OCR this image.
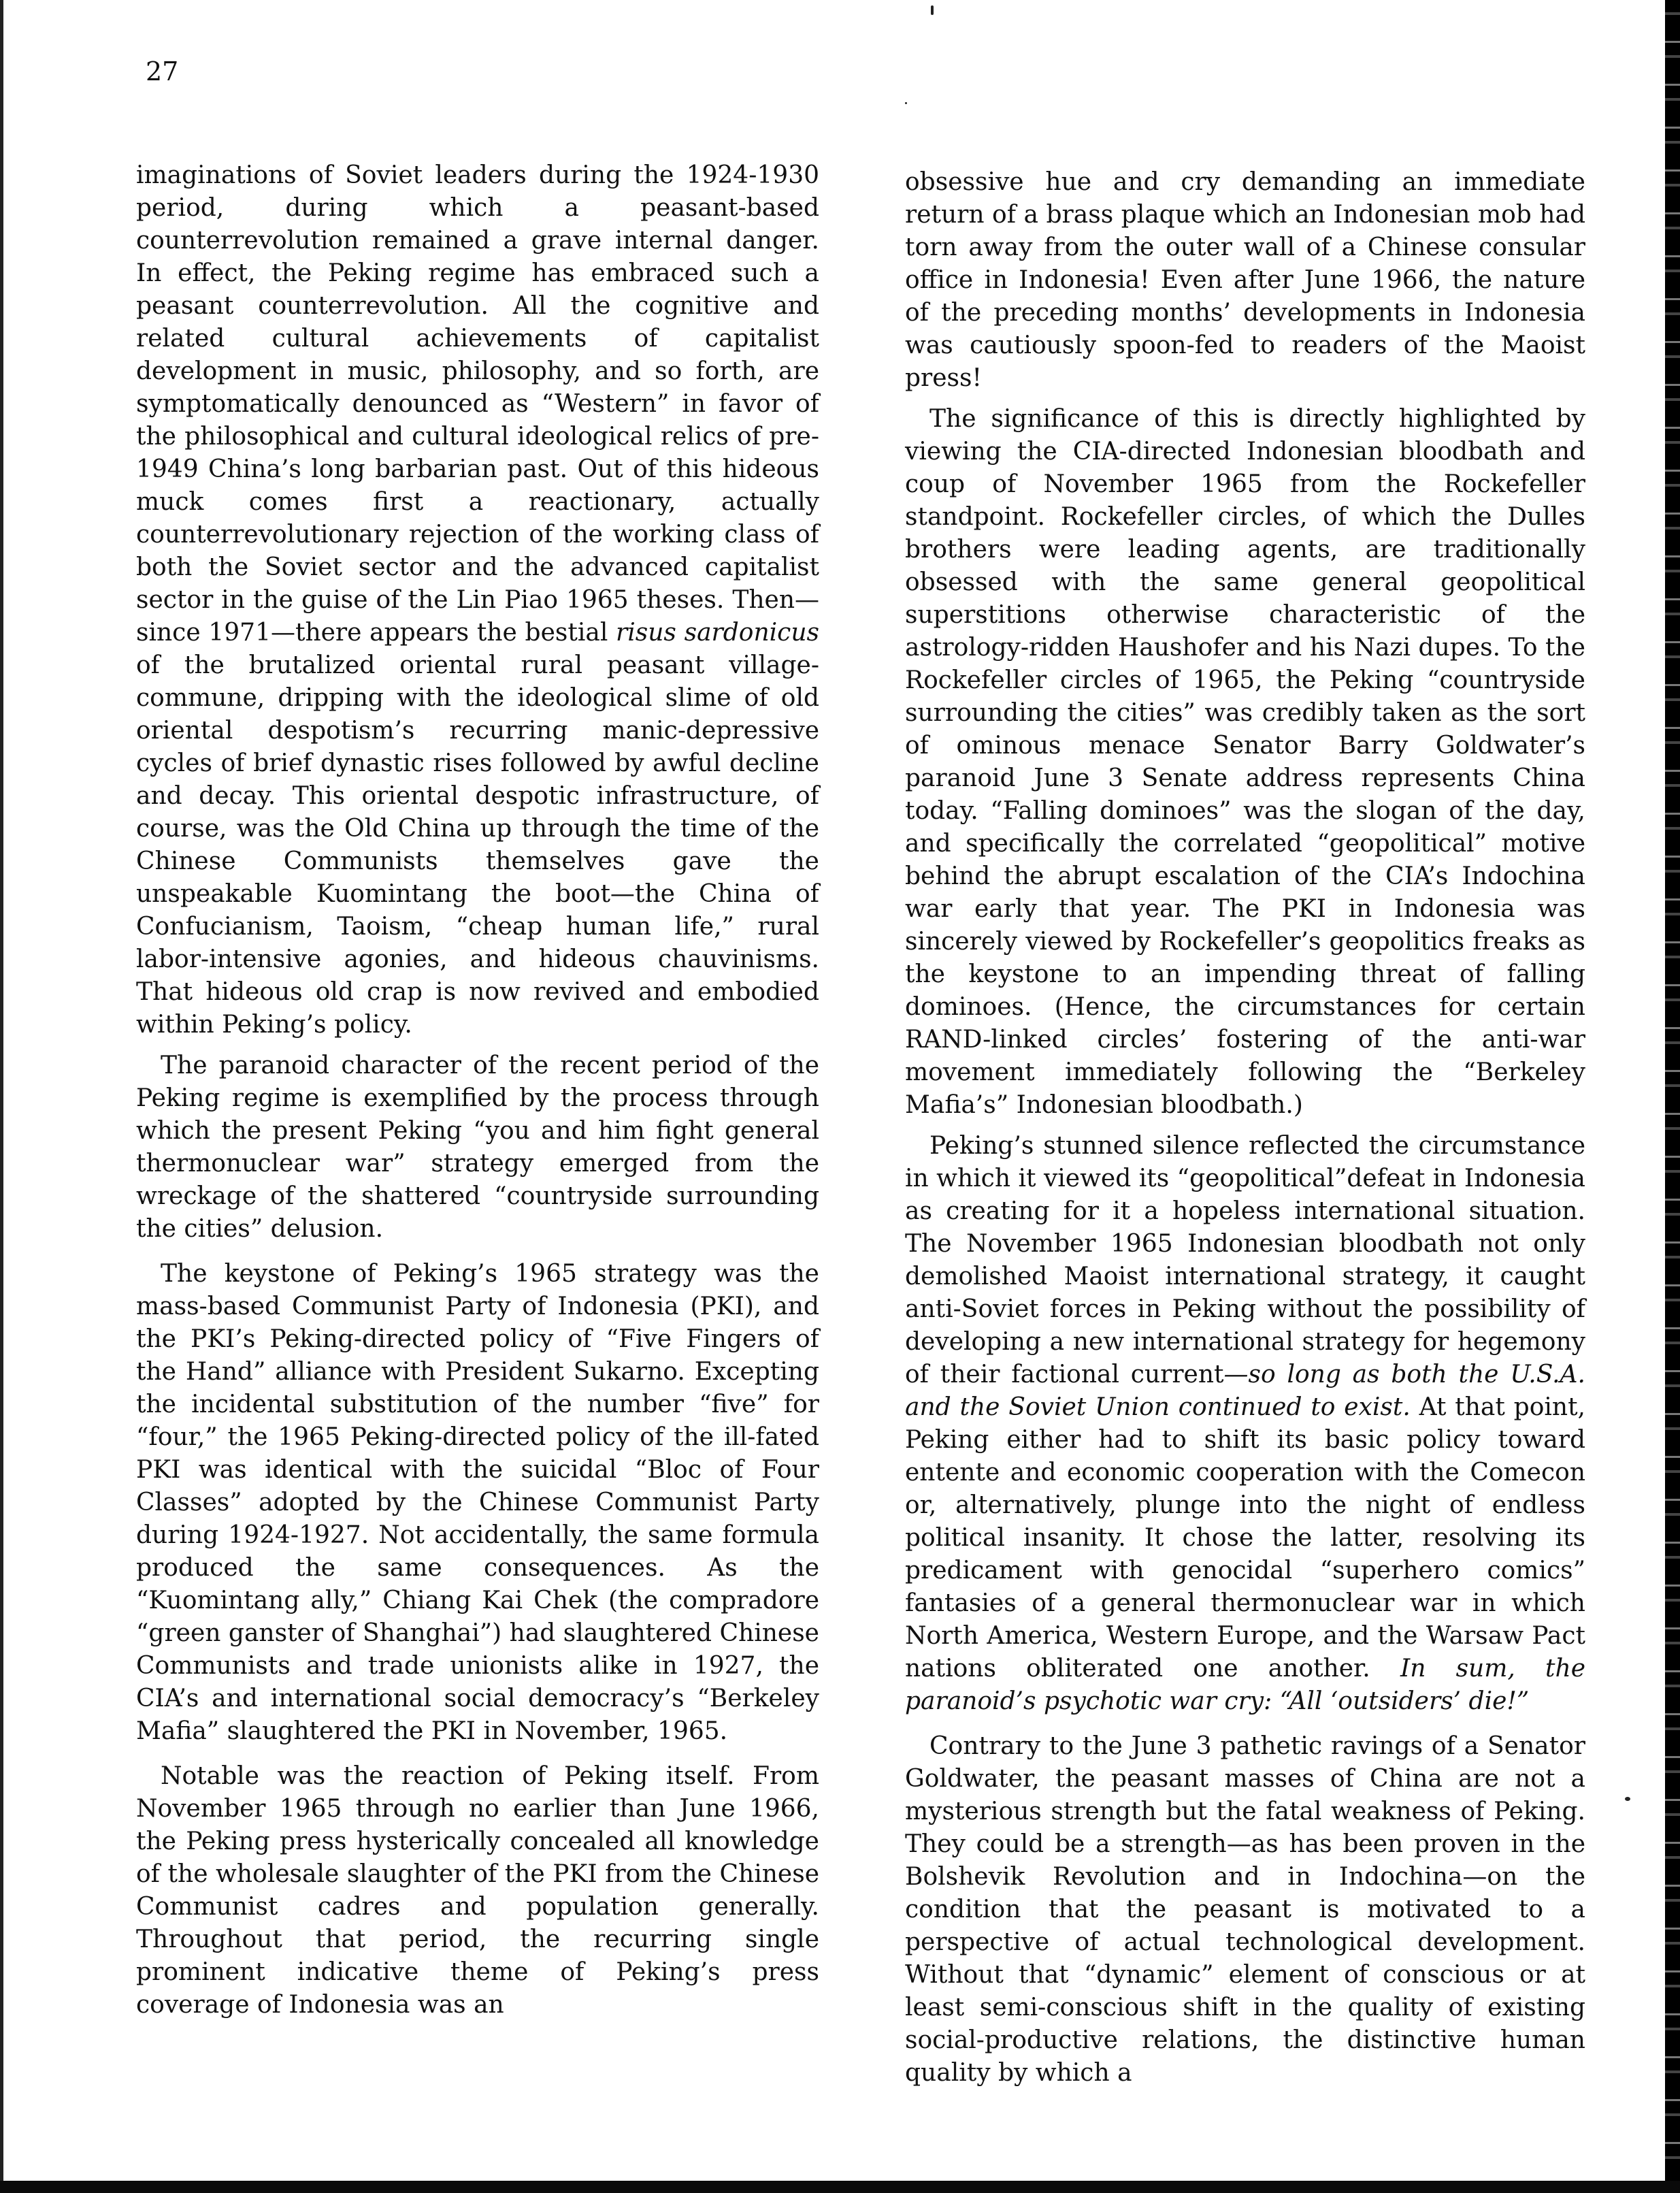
27

imaginations of Soviet leaders during the 1924-1930 period, during which a peasant-based counterrevolution remained a grave internal danger. In effect, the Peking regime has embraced such a peasant counterrevolution. All the cognitive and related cultural achievements of capitalist development in music, philosophy, and so forth, are symptomatically denounced as “Western” in favor of the philosophical and cultural ideological relics of pre-1949 China’s long barbarian past. Out of this hideous muck comes first a reactionary, actually counterrevolutionary rejection of the working class of both the Soviet sector and the advanced capitalist sector in the guise of the Lin Piao 1965 theses. Then—since 1971—there appears the bestial risus sardonicus of the brutalized oriental rural peasant village-commune, dripping with the ideological slime of old oriental despotism’s recurring manic-depressive cycles of brief dynastic rises followed by awful decline and decay. This oriental despotic infrastructure, of course, was the Old China up through the time of the Chinese Communists themselves gave the unspeakable Kuomintang the boot—the China of Confucianism, Taoism, “cheap human life,” rural labor-intensive agonies, and hideous chauvinisms. That hideous old crap is now revived and embodied within Peking’s policy.

The paranoid character of the recent period of the Peking regime is exemplified by the process through which the present Peking “you and him fight general thermonuclear war” strategy emerged from the wreckage of the shattered “countryside surrounding the cities” delusion.

The keystone of Peking’s 1965 strategy was the mass-based Communist Party of Indonesia (PKI), and the PKI’s Peking-directed policy of “Five Fingers of the Hand” alliance with President Sukarno. Excepting the incidental substitution of the number “five” for “four,” the 1965 Peking-directed policy of the ill-fated PKI was identical with the suicidal “Bloc of Four Classes” adopted by the Chinese Communist Party during 1924-1927. Not accidentally, the same formula produced the same consequences. As the “Kuomintang ally,” Chiang Kai Chek (the compradore “green ganster of Shanghai”) had slaughtered Chinese Communists and trade unionists alike in 1927, the CIA’s and international social democracy’s “Berkeley Mafia” slaughtered the PKI in November, 1965.

Notable was the reaction of Peking itself. From November 1965 through no earlier than June 1966, the Peking press hysterically concealed all knowledge of the wholesale slaughter of the PKI from the Chinese Communist cadres and population generally. Throughout that period, the recurring single prominent indicative theme of Peking’s press coverage of Indonesia was an

obsessive hue and cry demanding an immediate return of a brass plaque which an Indonesian mob had torn away from the outer wall of a Chinese consular office in Indonesia! Even after June 1966, the nature of the preceding months’ developments in Indonesia was cautiously spoon-fed to readers of the Maoist press!

The significance of this is directly highlighted by viewing the CIA-directed Indonesian bloodbath and coup of November 1965 from the Rockefeller standpoint. Rockefeller circles, of which the Dulles brothers were leading agents, are traditionally obsessed with the same general geopolitical superstitions otherwise characteristic of the astrology-ridden Haushofer and his Nazi dupes. To the Rockefeller circles of 1965, the Peking “countryside surrounding the cities” was credibly taken as the sort of ominous menace Senator Barry Goldwater’s paranoid June 3 Senate address represents China today. “Falling dominoes” was the slogan of the day, and specifically the correlated “geopolitical” motive behind the abrupt escalation of the CIA’s Indochina war early that year. The PKI in Indonesia was sincerely viewed by Rockefeller’s geopolitics freaks as the keystone to an impending threat of falling dominoes. (Hence, the circumstances for certain RAND-linked circles’ fostering of the anti-war movement immediately following the “Berkeley Mafia’s” Indonesian bloodbath.)

Peking’s stunned silence reflected the circumstance in which it viewed its “geopolitical”defeat in Indonesia as creating for it a hopeless international situation. The November 1965 Indonesian bloodbath not only demolished Maoist international strategy, it caught anti-Soviet forces in Peking without the possibility of developing a new international strategy for hegemony of their factional current—so long as both the U.S.A. and the Soviet Union continued to exist. At that point, Peking either had to shift its basic policy toward entente and economic cooperation with the Comecon or, alternatively, plunge into the night of endless political insanity. It chose the latter, resolving its predicament with genocidal “superhero comics” fantasies of a general thermonuclear war in which North America, Western Europe, and the Warsaw Pact nations obliterated one another. In sum, the paranoid’s psychotic war cry: “All ‘outsiders’ die!”

Contrary to the June 3 pathetic ravings of a Senator Goldwater, the peasant masses of China are not a mysterious strength but the fatal weakness of Peking. They could be a strength—as has been proven in the Bolshevik Revolution and in Indochina—on the condition that the peasant is motivated to a perspective of actual technological development. Without that “dynamic” element of conscious or at least semi-conscious shift in the quality of existing social-productive relations, the distinctive human quality by which a
